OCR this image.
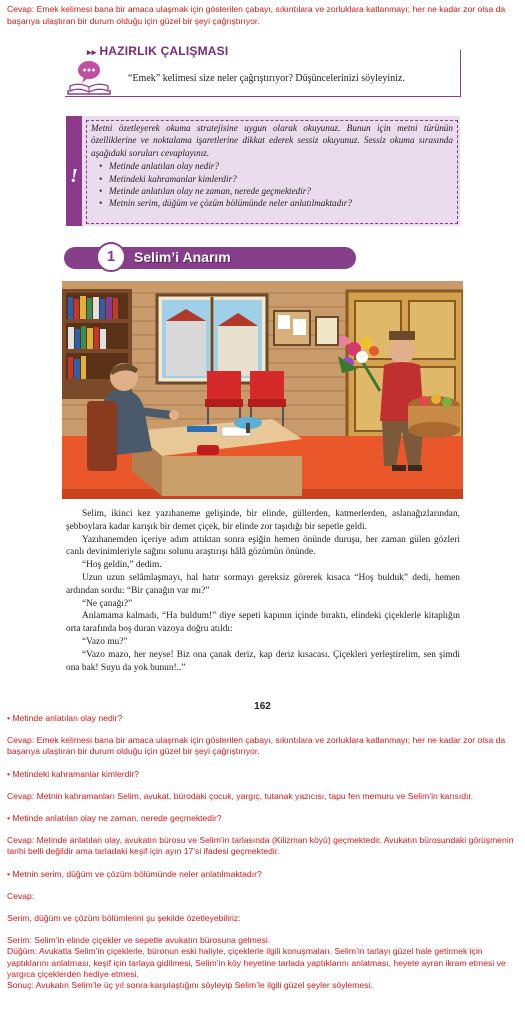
Cevap: Emek kelimesi bana bir amaca ulaşmak için gösterilen çabayı, sıkıntılara ve zorluklara katlanmayı; her ne kadar zor olsa da başarıya ulaştıran bir durum olduğu için güzel bir şeyi çağrıştırıyor.
▸▸ HAZIRLIK ÇALIŞMASI
“Emek” kelimesi size neler çağrıştırıyor? Düşüncelerinizi söyleyiniz.
!
Metni özetleyerek okuma stratejisine uygun olarak okuyunuz. Bunun için metni türünün özelliklerine ve noktalama işaretlerine dikkat ederek sessiz okuyunuz. Sessiz okuma sırasında aşağıdaki soruları cevaplayınız.
• Metinde anlatılan olay nedir?
• Metindeki kahramanlar kimlerdir?
• Metinde anlatılan olay ne zaman, nerede geçmektedir?
• Metnin serim, düğüm ve çözüm bölümünde neler anlatılmaktadır?
1	Selim’i Anarım

Selim, ikinci kez yazıhaneme gelişinde, bir elinde, güllerden, katmerlerden, aslanağızlarından, şebboylara kadar karışık bir demet çiçek, bir elinde zor taşıdığı bir sepetle geldi.

Yazıhanemden içeriye adım attıktan sonra eşiğin hemen önünde duruşu, her zaman gülen gözleri canlı devinimleriyle sağını solunu araştırışı hâlâ gözümün önünde.

“Hoş geldin,” dedim.

Uzun uzun selâmlaşmayı, hal hatır sormayı gereksiz görerek kısaca “Hoş bulduk” dedi, hemen ardından sordu: “Bir çanağın var mı?”

“Ne çanağı?”

Anlamama kalmadı, “Ha buldum!” diye sepeti kapının içinde bıraktı, elindeki çiçeklerle kitaplığın orta tarafında boş duran vazoya doğru atıldı:

“Vazo mu?”

“Vazo mazo, her neyse! Biz ona çanak deriz, kap deriz kısacası. Çiçekleri yerleştirelim, sen şimdi ona bak! Suyu da yok bunun!..”

162

• Metinde anlatılan olay nedir?

Cevap: Emek kelimesi bana bir amaca ulaşmak için gösterilen çabayı, sıkıntılara ve zorluklara katlanmayı; her ne kadar zor olsa da başarıya ulaştıran bir durum olduğu için güzel bir şeyi çağrıştırıyor.

• Metindeki kahramanlar kimlerdir?

Cevap: Metnin kahramanları Selim, avukat, bürodaki çocuk, yargıç, tutanak yazıcısı, tapu fen memuru ve Selim’in karısıdır.

• Metinde anlatılan olay ne zaman, nerede geçmektedir?

Cevap: Metinde anlatılan olay, avukatın bürosu ve Selim’in tarlasında (Kilizman köyü) geçmektedir. Avukatın bürosundaki görüşmenin tarihi belli değildir ama tarladaki keşif için ayın 17’si ifadesi geçmektedir.

• Metnin serim, düğüm ve çözüm bölümünde neler anlatılmaktadır?

Cevap:

Serim, düğüm ve çözüm bölümlerini şu şekilde özetleyebiliriz:

Serim: Selim’in elinde çiçekler ve sepetle avukatın bürosuna gelmesi.

Düğüm: Avukatla Selim’in çiçeklerle, büronun eski haliyle, çiçeklerle ilgili konuşmaları. Selim’in tarlayı güzel hale getirmek için yaptıklarını anlatması, keşif için tarlaya gidilmesi, Selim’in köy heyetine tarlada yaptıklarını anlatması, heyete ayran ikram etmesi ve yargıca çiçeklerden hediye etmesi.

Sonuç: Avukatın Selim’le üç yıl sonra karşılaştığını söyleyip Selim’le ilgili güzel şeyler söylemesi.
